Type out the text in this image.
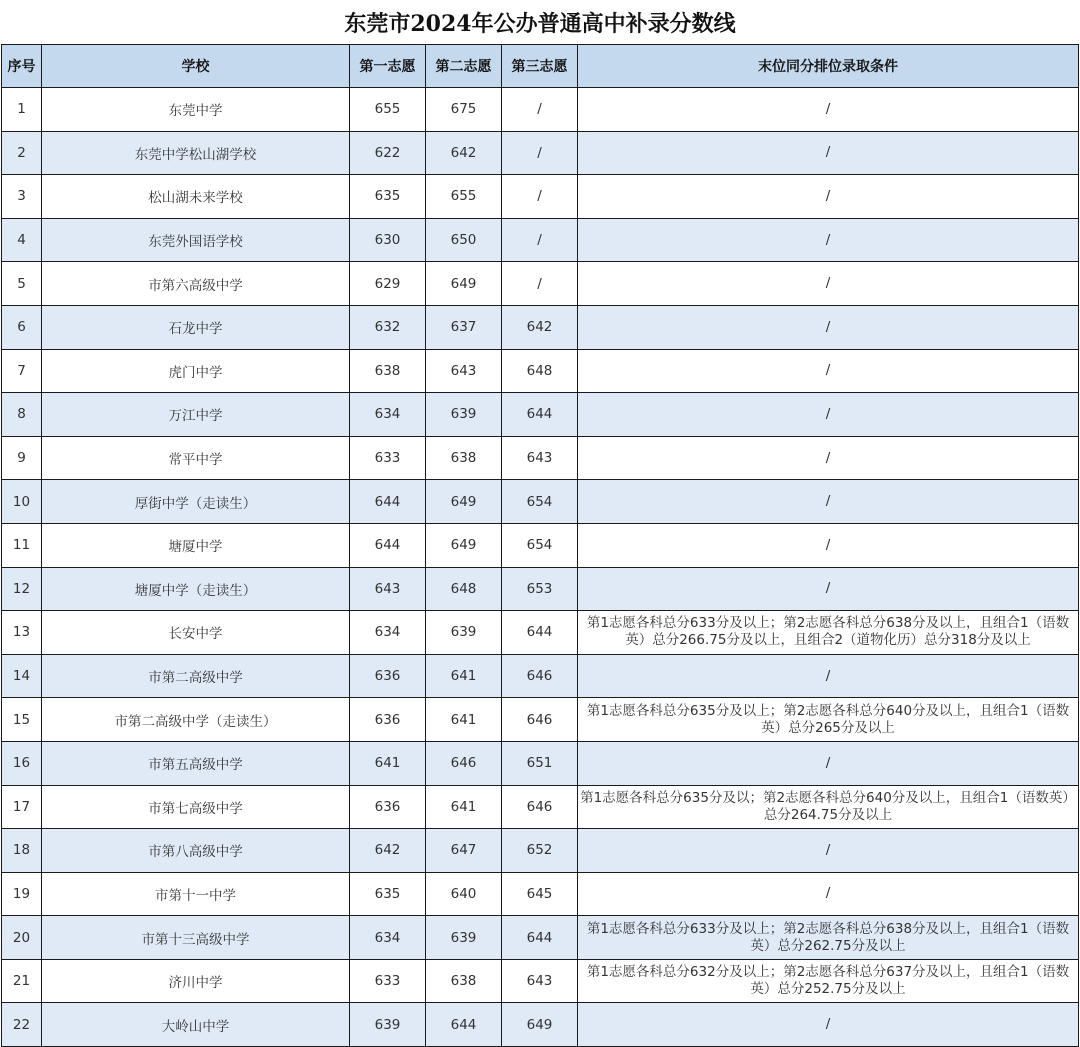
东莞市2024年公办普通高中补录分数线
序号	学校	第一志愿	第二志愿	第三志愿	末位同分排位录取条件
1	东莞中学	655	675	/	/
2	东莞中学松山湖学校	622	642	/	/
3	松山湖未来学校	635	655	/	/
4	东莞外国语学校	630	650	/	/
5	市第六高级中学	629	649	/	/
6	石龙中学	632	637	642	/
7	虎门中学	638	643	648	/
8	万江中学	634	639	644	/
9	常平中学	633	638	643	/
10	厚街中学（走读生）	644	649	654	/
11	塘厦中学	644	649	654	/
12	塘厦中学（走读生）	643	648	653	/
13	长安中学	634	639	644	第1志愿各科总分633分及以上；第2志愿各科总分638分及以上，且组合1（语数英）总分266.75分及以上，且组合2（道物化历）总分318分及以上
14	市第二高级中学	636	641	646	/
15	市第二高级中学（走读生）	636	641	646	第1志愿各科总分635分及以上；第2志愿各科总分640分及以上，且组合1（语数英）总分265分及以上
16	市第五高级中学	641	646	651	/
17	市第七高级中学	636	641	646	第1志愿各科总分635分及以；第2志愿各科总分640分及以上，且组合1（语数英）总分264.75分及以上
18	市第八高级中学	642	647	652	/
19	市第十一中学	635	640	645	/
20	市第十三高级中学	634	639	644	第1志愿各科总分633分及以上；第2志愿各科总分638分及以上，且组合1（语数英）总分262.75分及以上
21	济川中学	633	638	643	第1志愿各科总分632分及以上；第2志愿各科总分637分及以上，且组合1（语数英）总分252.75分及以上
22	大岭山中学	639	644	649	/
